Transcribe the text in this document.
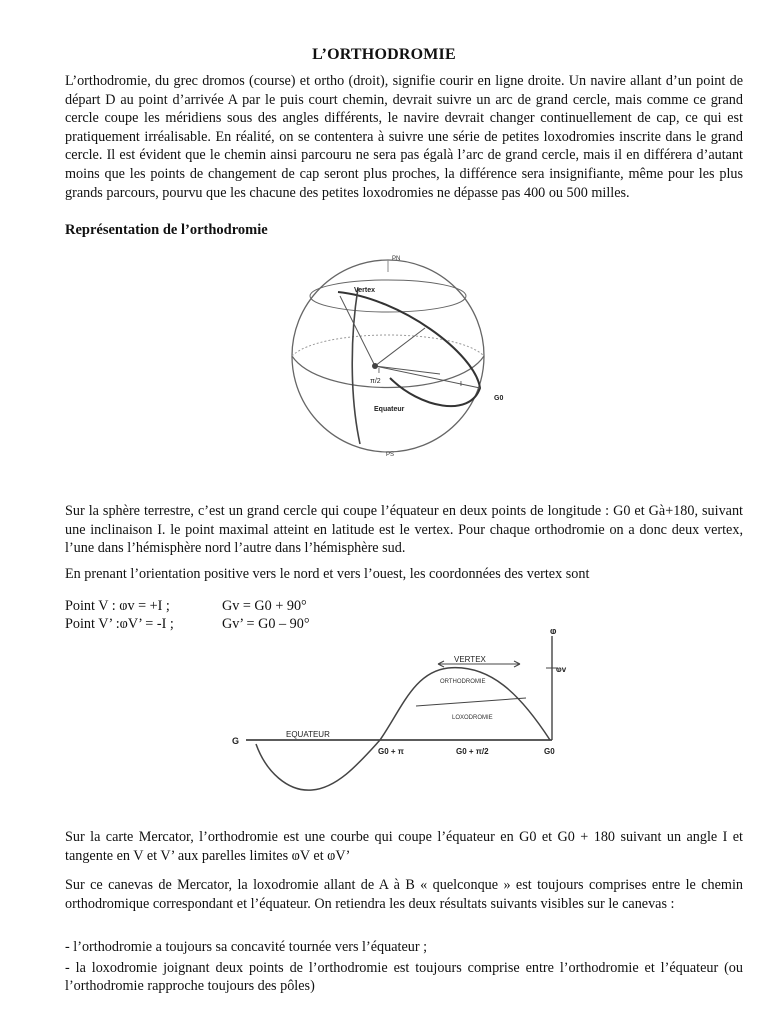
L’ORTHODROMIE

L’orthodromie, du grec dromos (course) et ortho (droit), signifie courir en ligne droite. Un navire allant d’un point de départ D au point d’arrivée A par le puis court chemin, devrait suivre un arc de grand cercle, mais comme ce grand cercle coupe les méridiens sous des angles différents, le navire devrait changer continuellement de cap, ce qui est pratiquement irréalisable. En réalité, on se contentera à suivre une série de petites loxodromies inscrite dans le grand cercle. Il est évident que le chemin ainsi parcouru ne sera pas égalà l’arc de grand cercle, mais il en différera d’autant moins que les points de changement de cap seront plus proches, la différence sera insignifiante, même pour les plus grands parcours, pourvu que les chacune des petites loxodromies ne dépasse pas 400 ou 500 milles.

Représentation de l’orthodromie
PN
Vertex
I
π/2	I
Equateur
G0
PS

Sur la sphère terrestre, c’est un grand cercle qui coupe l’équateur en deux points de longitude : G0 et Gà+180, suivant une inclinaison I. le point maximal atteint en latitude est le vertex. Pour chaque orthodromie on a donc deux vertex, l’une dans l’hémisphère nord l’autre dans l’hémisphère sud.

En prenant l’orientation positive vers le nord et vers l’ouest, les coordonnées des vertex sont

Point V : ⱷv = +I ;	Gv = G0 + 90°
Point V’ :ⱷV’ = -I ;	Gv’ = G0 – 90°	ⱷ
ⱷv
VERTEX
ORTHODROMIE
LOXODROMIE
G
EQUATEUR
G0 + π	G0 + π/2	G0

Sur la carte Mercator, l’orthodromie est une courbe qui coupe l’équateur en G0 et G0 + 180 suivant un angle I et tangente en V et V’ aux parelles limites ⱷV et ⱷV’

Sur ce canevas de Mercator, la loxodromie allant de A à B « quelconque » est toujours comprises entre le chemin orthodromique correspondant et l’équateur. On retiendra les deux résultats suivants visibles sur le canevas :

- l’orthodromie a toujours sa concavité tournée vers l’équateur ;

- la loxodromie joignant deux points de l’orthodromie est toujours comprise entre l’orthodromie et l’équateur (ou l’orthodromie rapproche toujours des pôles)
